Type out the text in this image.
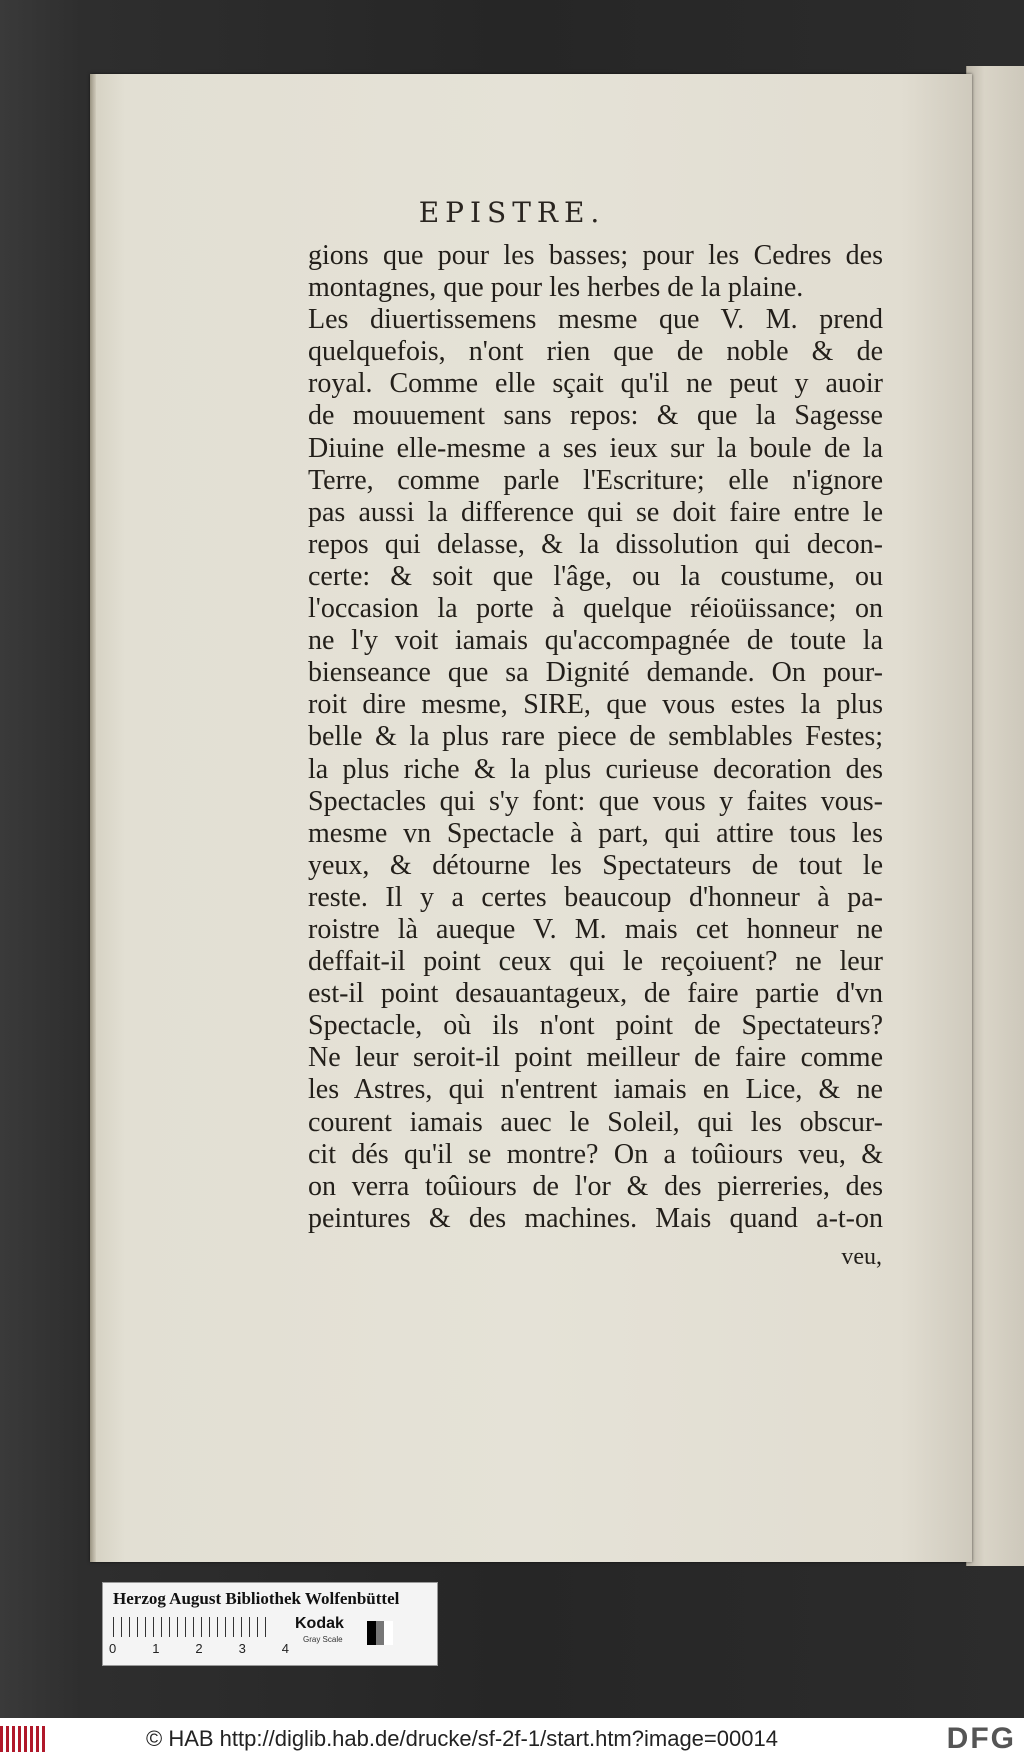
EPISTRE.
gions que pour les basses; pour les Cedres des
montagnes, que pour les herbes de la plaine.
Les diuertissemens mesme que V. M. prend
quelquefois, n'ont rien que de noble & de
royal. Comme elle sçait qu'il ne peut y auoir
de mouuement sans repos: & que la Sagesse
Diuine elle-mesme a ses ieux sur la boule de la
Terre, comme parle l'Escriture; elle n'ignore
pas aussi la difference qui se doit faire entre le
repos qui delasse, & la dissolution qui decon-
certe: & soit que l'âge, ou la coustume, ou
l'occasion la porte à quelque réioüissance; on
ne l'y voit iamais qu'accompagnée de toute la
bienseance que sa Dignité demande. On pour-
roit dire mesme, SIRE, que vous estes la plus
belle & la plus rare piece de semblables Festes;
la plus riche & la plus curieuse decoration des
Spectacles qui s'y font: que vous y faites vous-
mesme vn Spectacle à part, qui attire tous les
yeux, & détourne les Spectateurs de tout le
reste. Il y a certes beaucoup d'honneur à pa-
roistre là aueque V. M. mais cet honneur ne
deffait-il point ceux qui le reçoiuent? ne leur
est-il point desauantageux, de faire partie d'vn
Spectacle, où ils n'ont point de Spectateurs?
Ne leur seroit-il point meilleur de faire comme
les Astres, qui n'entrent iamais en Lice, & ne
courent iamais auec le Soleil, qui les obscur-
cit dés qu'il se montre? On a toûiours veu, &
on verra toûiours de l'or & des pierreries, des
peintures & des machines. Mais quand a-t-on
veu,
Herzog August Bibliothek Wolfenbüttel
0	1	2	3	4
Kodak
Gray Scale
© HAB http://diglib.hab.de/drucke/sf-2f-1/start.htm?image=00014	DFG
